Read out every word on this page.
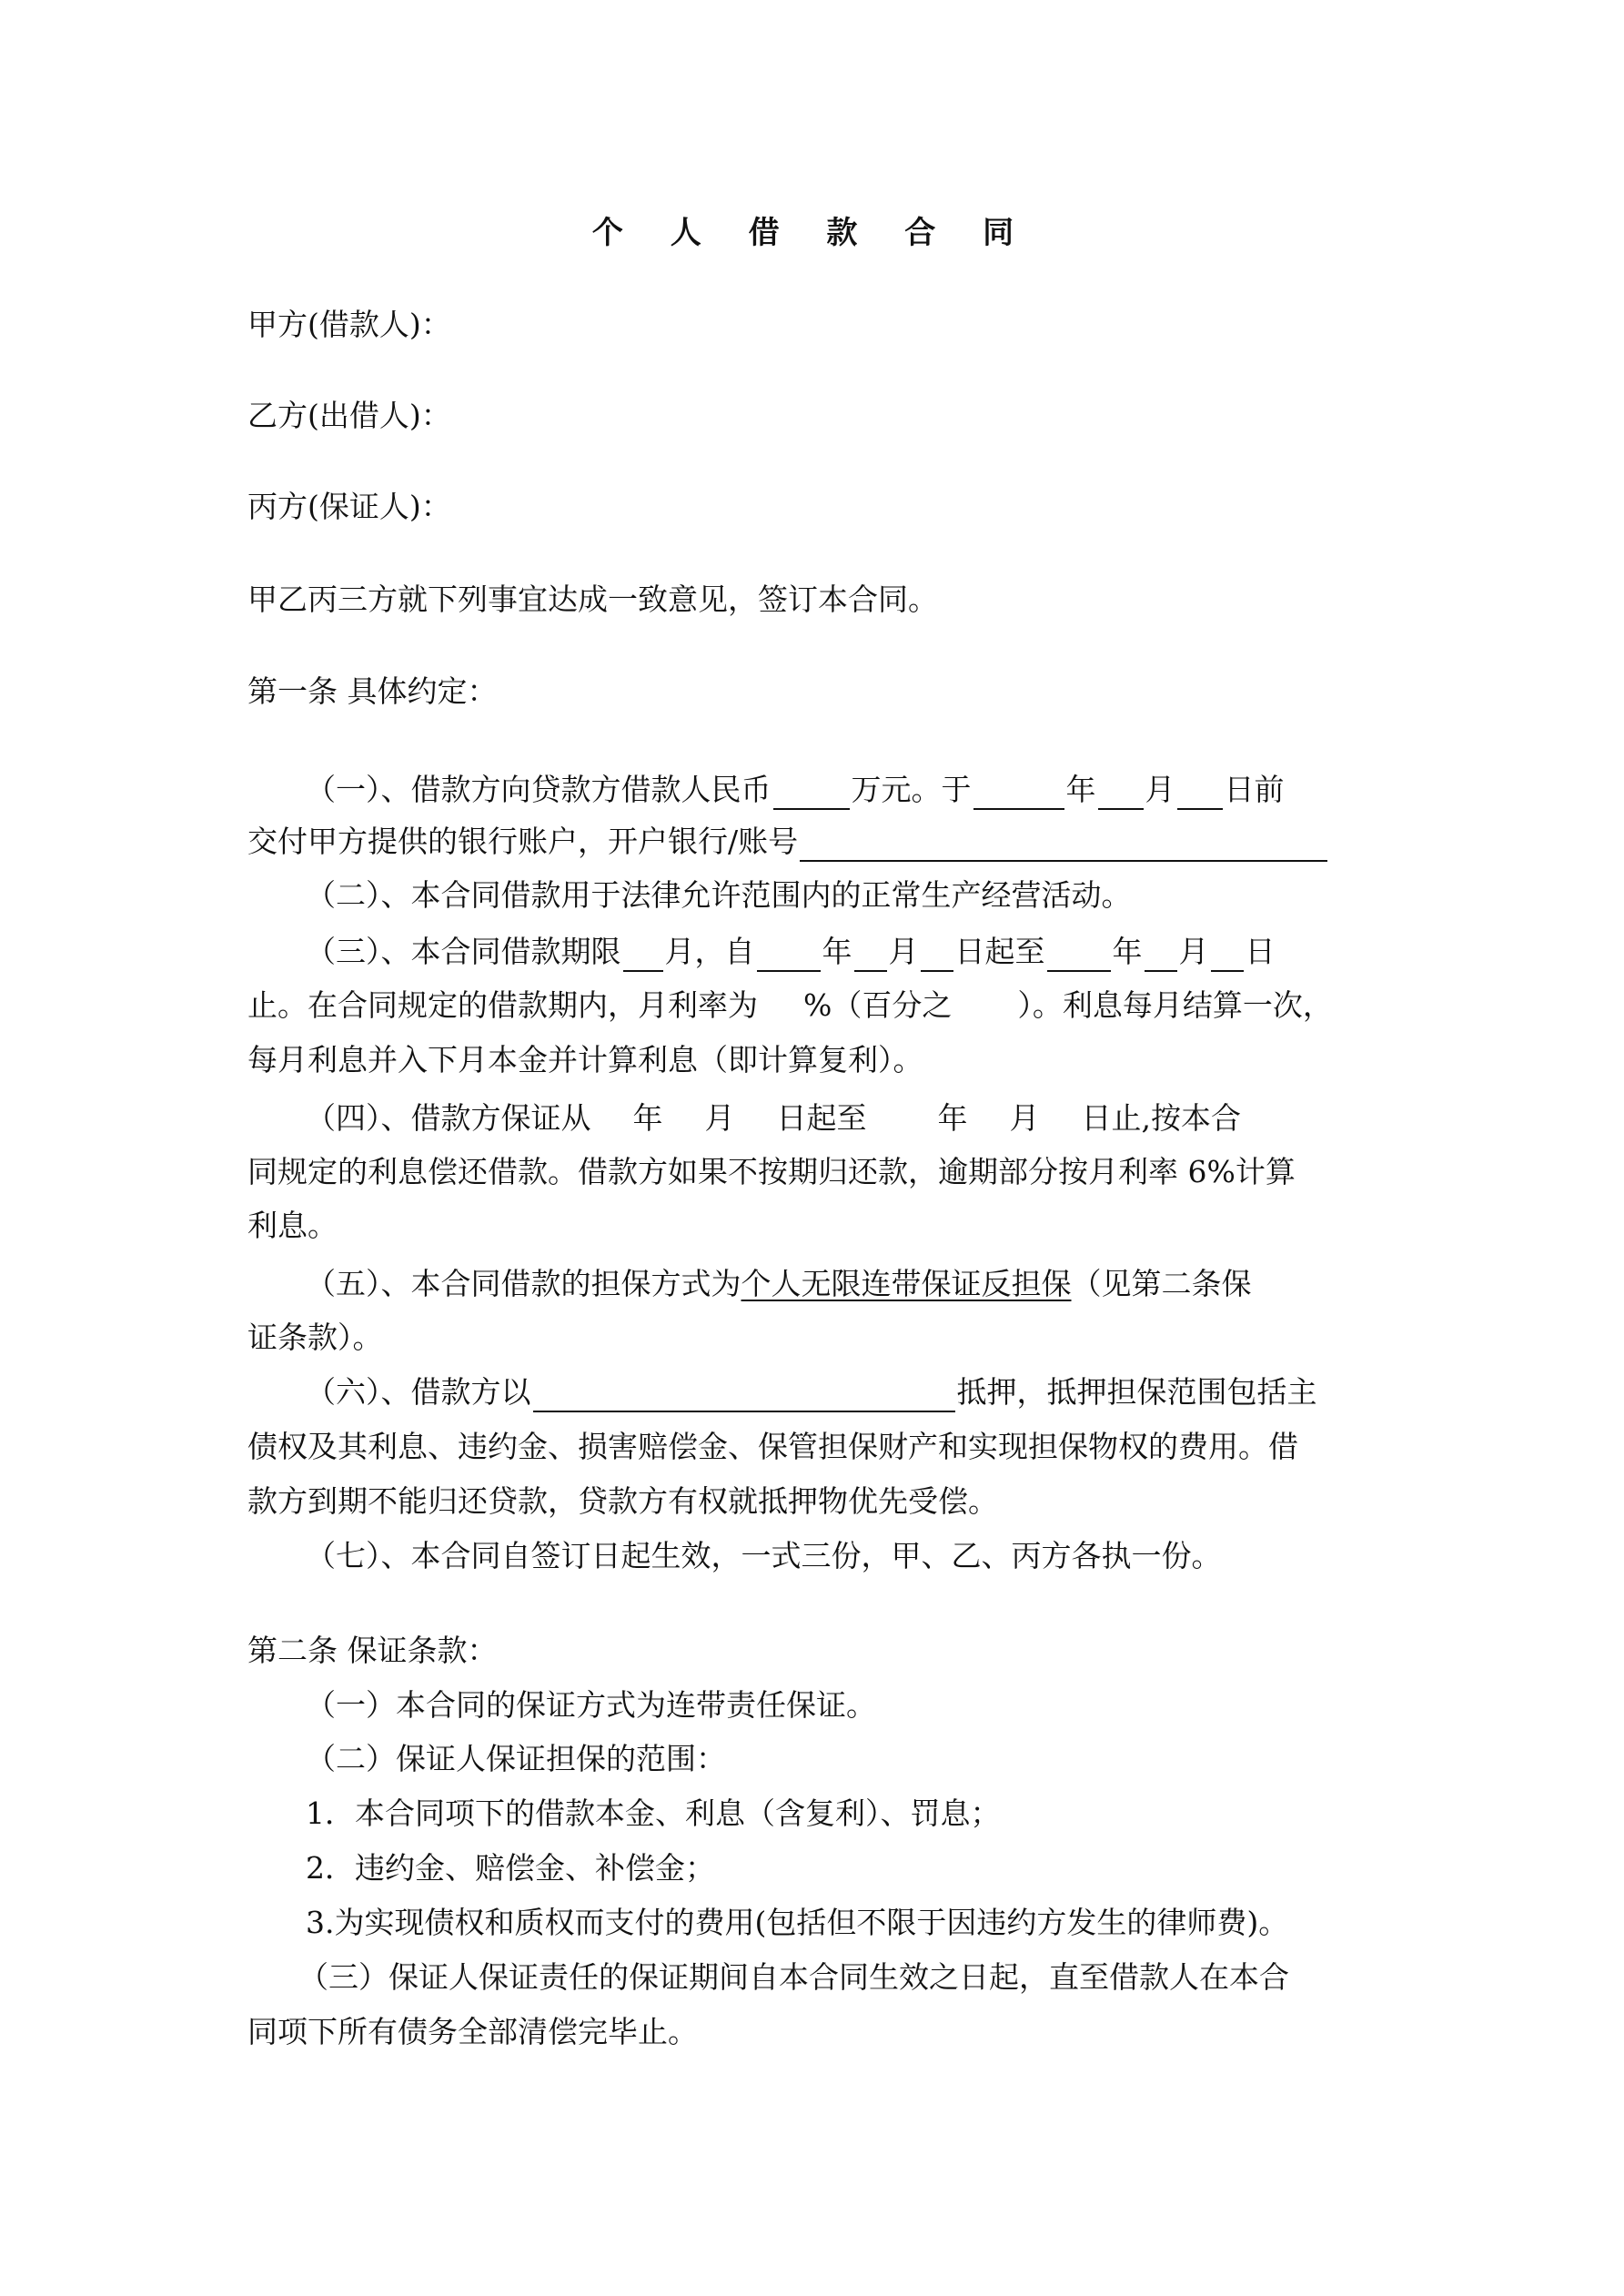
个 人 借 款 合 同
甲方(借款人)：
乙方(出借人)：
丙方(保证人)：
甲乙丙三方就下列事宜达成一致意见，签订本合同。
第一条 具体约定：
（一）、借款方向贷款方借款人民币	万元。于	年 月 日前
交付甲方提供的银行账户，开户银行/账号
（二）、本合同借款用于法律允许范围内的正常生产经营活动。
（三）、本合同借款期限 月，自 年 月 日起至 年 月 日
止。在合同规定的借款期内，月利率为 %（百分之 ）。利息每月结算一次，
每月利息并入下月本金并计算利息（即计算复利）。
（四）、借款方保证从 年 月 日起至 年 月 日止,按本合
同规定的利息偿还借款。借款方如果不按期归还款，逾期部分按月利率 6%计算
利息。
（五）、本合同借款的担保方式为个人无限连带保证反担保（见第二条保
证条款）。
（六）、借款方以	抵押，抵押担保范围包括主
债权及其利息、违约金、损害赔偿金、保管担保财产和实现担保物权的费用。借
款方到期不能归还贷款，贷款方有权就抵押物优先受偿。
（七）、本合同自签订日起生效，一式三份，甲、乙、丙方各执一份。
第二条 保证条款：
（一）本合同的保证方式为连带责任保证。
（二）保证人保证担保的范围：
1．本合同项下的借款本金、利息（含复利）、罚息；
2．违约金、赔偿金、补偿金；
3.为实现债权和质权而支付的费用(包括但不限于因违约方发生的律师费)。
（三）保证人保证责任的保证期间自本合同生效之日起，直至借款人在本合
同项下所有债务全部清偿完毕止。
